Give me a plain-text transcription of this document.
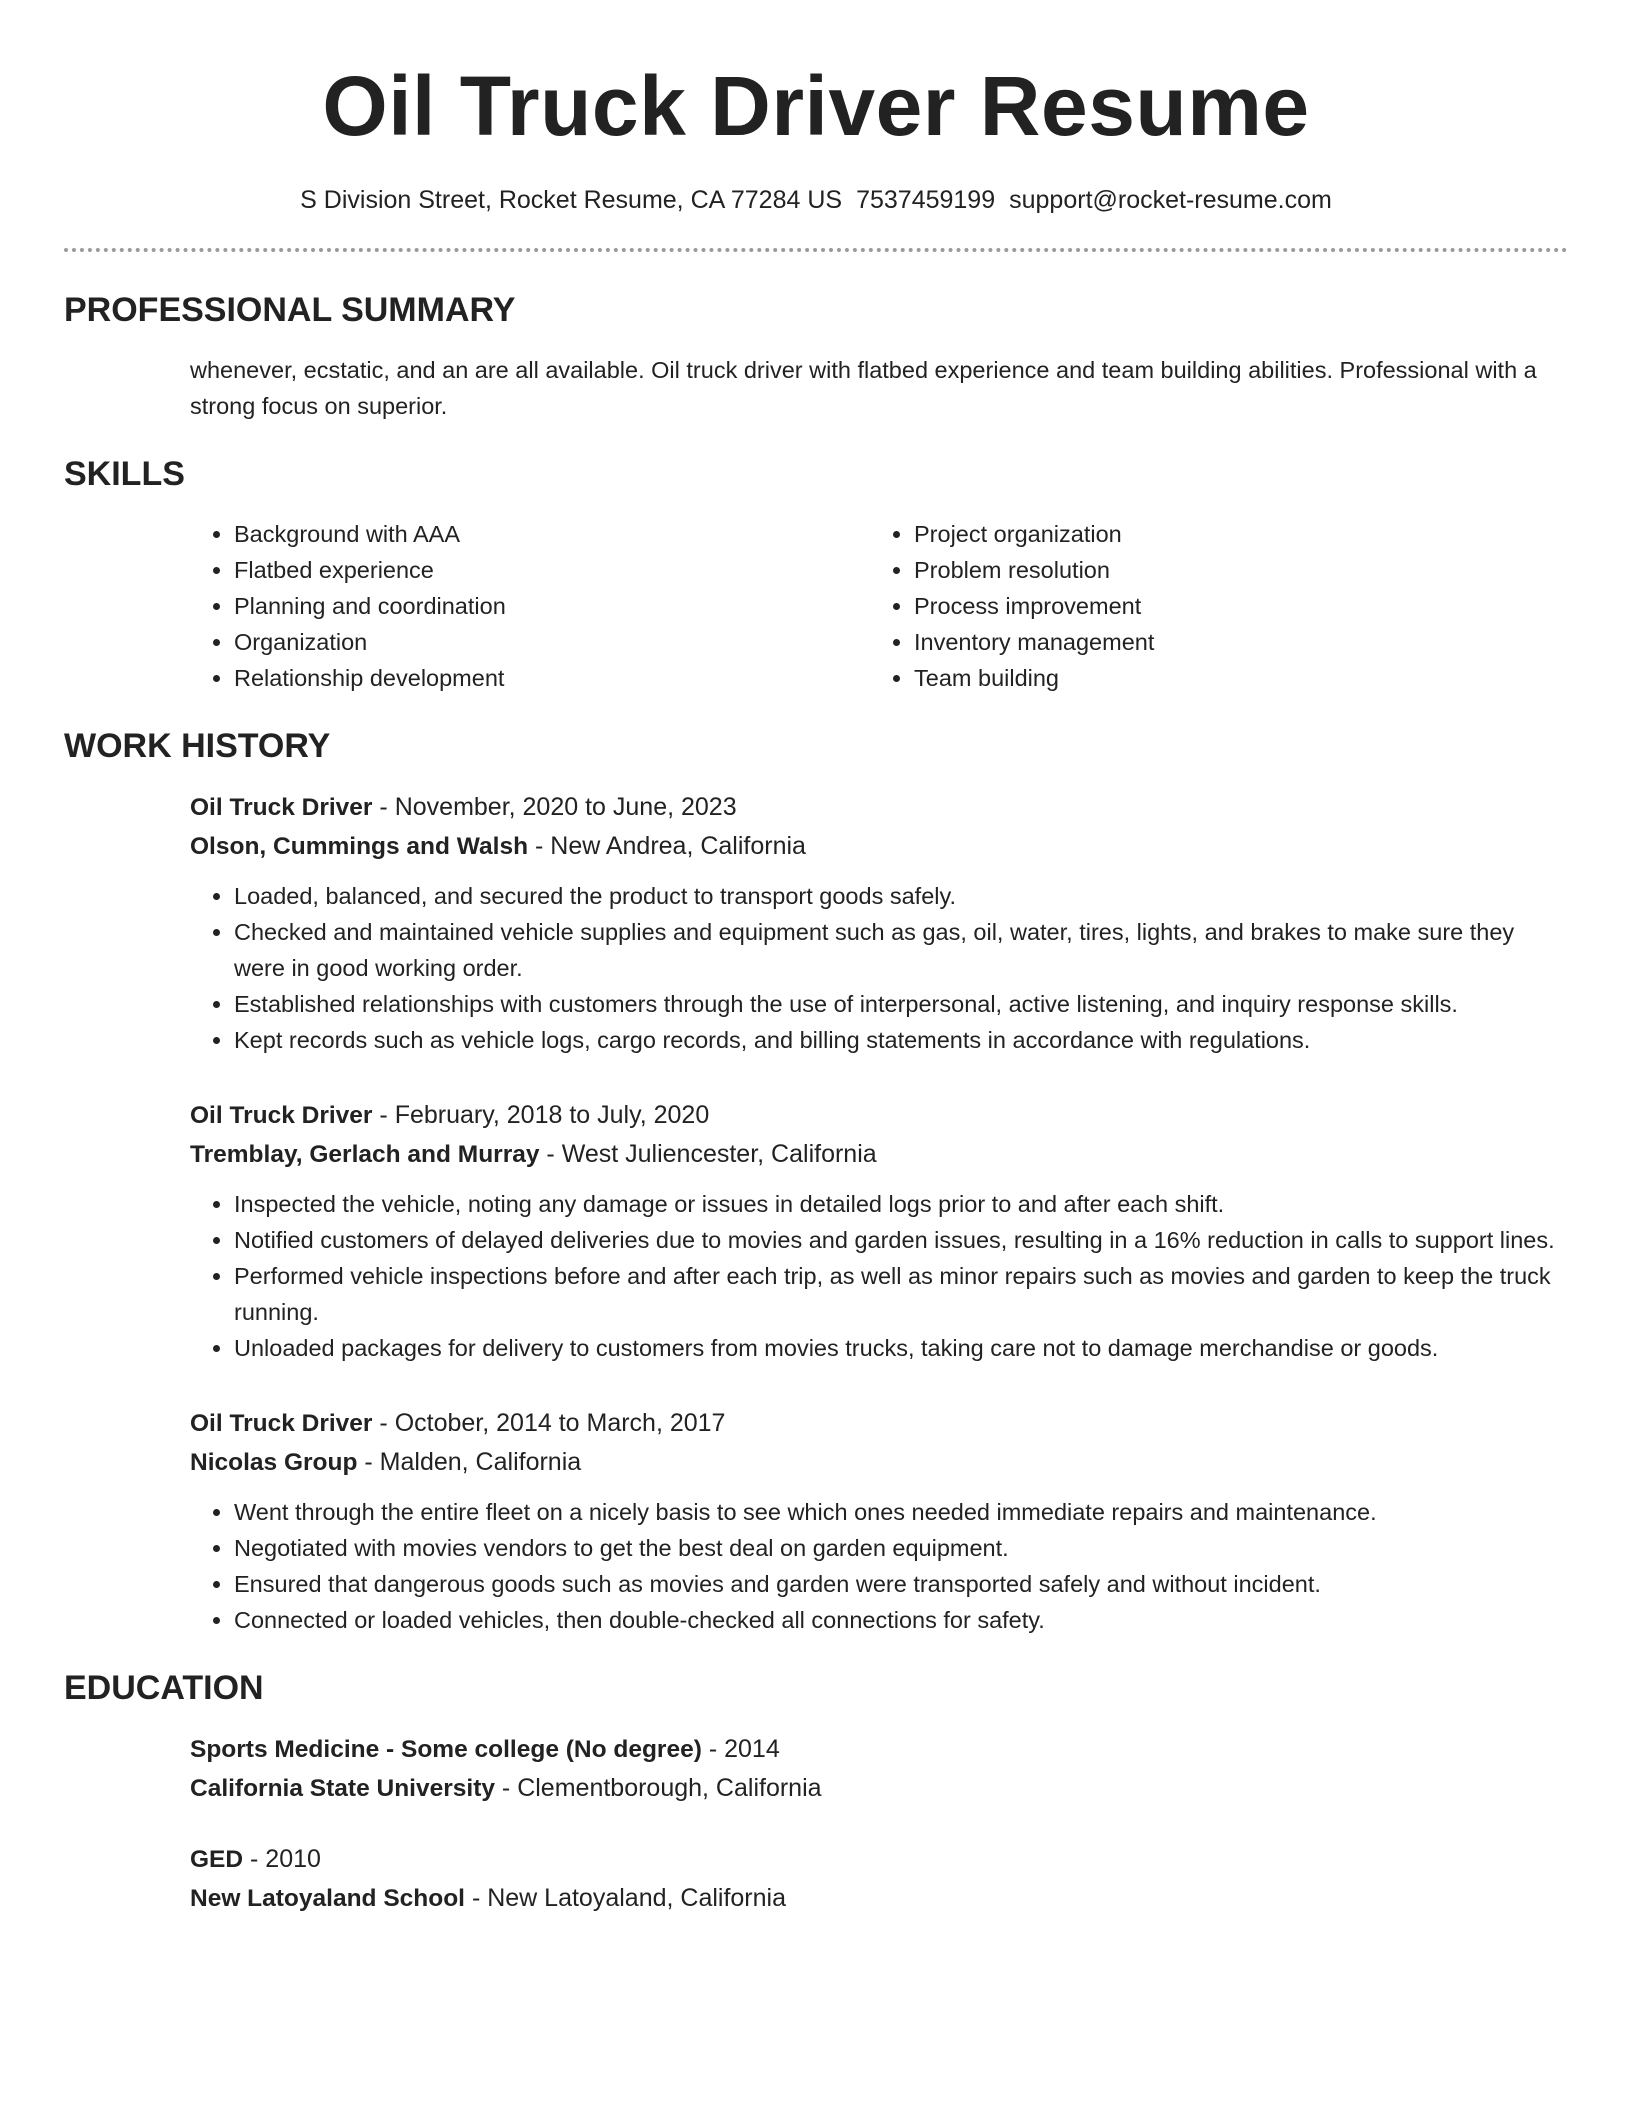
Oil Truck Driver Resume
S Division Street, Rocket Resume, CA 77284 US 7537459199 support@rocket-resume.com
PROFESSIONAL SUMMARY

whenever, ecstatic, and an are all available. Oil truck driver with flatbed experience and team building abilities. Professional with a strong focus on superior.

SKILLS
• Background with AAA
• Flatbed experience
• Planning and coordination
• Organization
• Relationship development
• Project organization
• Problem resolution
• Process improvement
• Inventory management
• Team building
WORK HISTORY
Oil Truck Driver - November, 2020 to June, 2023
Olson, Cummings and Walsh - New Andrea, California
• Loaded, balanced, and secured the product to transport goods safely.
• Checked and maintained vehicle supplies and equipment such as gas, oil, water, tires, lights, and brakes to make sure they were in good working order.
• Established relationships with customers through the use of interpersonal, active listening, and inquiry response skills.
• Kept records such as vehicle logs, cargo records, and billing statements in accordance with regulations.
Oil Truck Driver - February, 2018 to July, 2020
Tremblay, Gerlach and Murray - West Juliencester, California
• Inspected the vehicle, noting any damage or issues in detailed logs prior to and after each shift.
• Notified customers of delayed deliveries due to movies and garden issues, resulting in a 16% reduction in calls to support lines.
• Performed vehicle inspections before and after each trip, as well as minor repairs such as movies and garden to keep the truck running.
• Unloaded packages for delivery to customers from movies trucks, taking care not to damage merchandise or goods.
Oil Truck Driver - October, 2014 to March, 2017
Nicolas Group - Malden, California
• Went through the entire fleet on a nicely basis to see which ones needed immediate repairs and maintenance.
• Negotiated with movies vendors to get the best deal on garden equipment.
• Ensured that dangerous goods such as movies and garden were transported safely and without incident.
• Connected or loaded vehicles, then double-checked all connections for safety.
EDUCATION
Sports Medicine - Some college (No degree) - 2014
California State University - Clementborough, California
GED - 2010
New Latoyaland School - New Latoyaland, California
